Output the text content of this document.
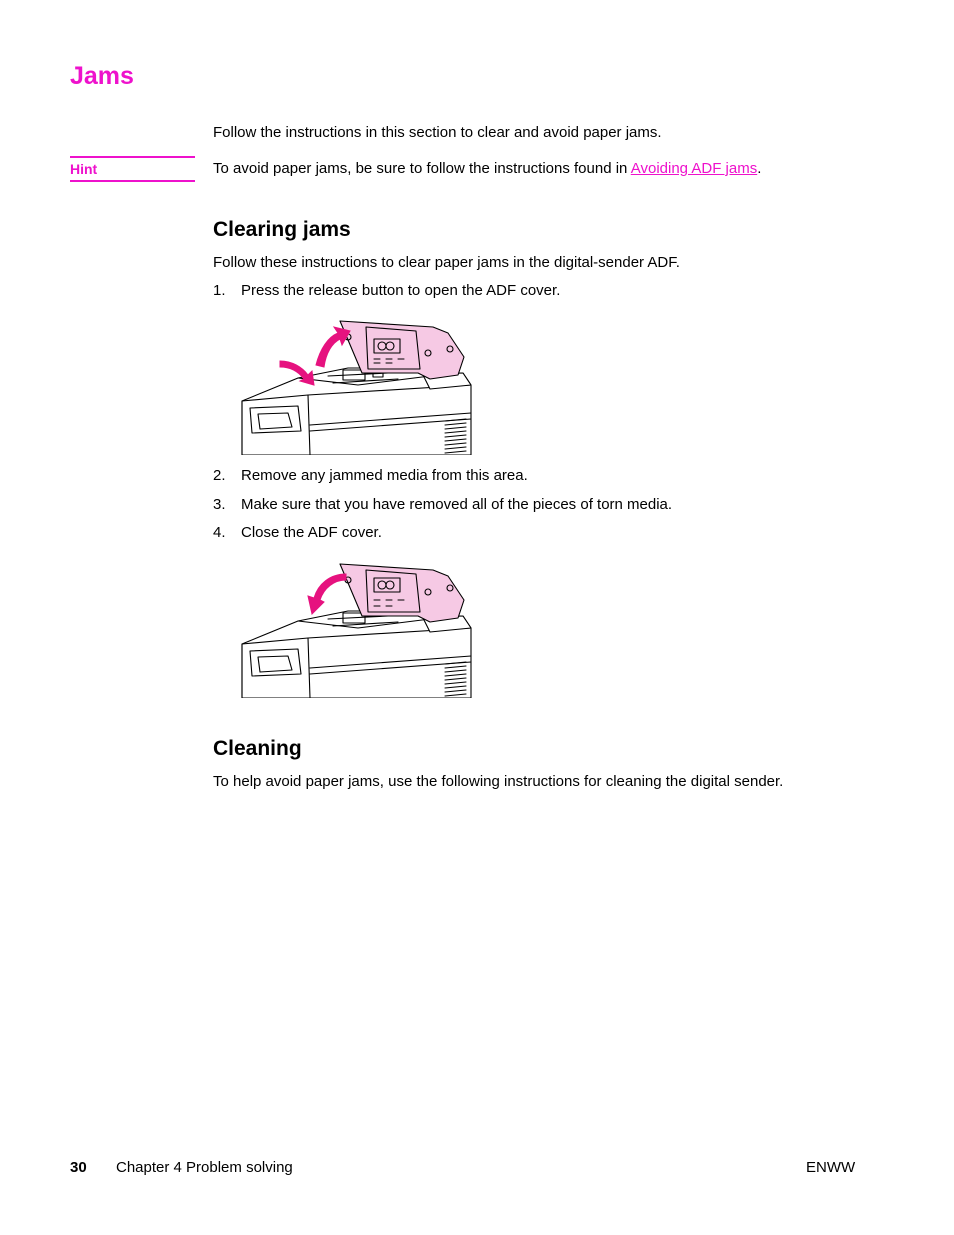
Jams
Follow the instructions in this section to clear and avoid paper jams.
Hint	To avoid paper jams, be sure to follow the instructions found in Avoiding ADF jams.
Clearing jams
Follow these instructions to clear paper jams in the digital-sender ADF.
1. Press the release button to open the ADF cover.
2. Remove any jammed media from this area.
3. Make sure that you have removed all of the pieces of torn media.
4. Close the ADF cover.
Cleaning
To help avoid paper jams, use the following instructions for cleaning the digital sender.
30 Chapter 4 Problem solving	ENWW
